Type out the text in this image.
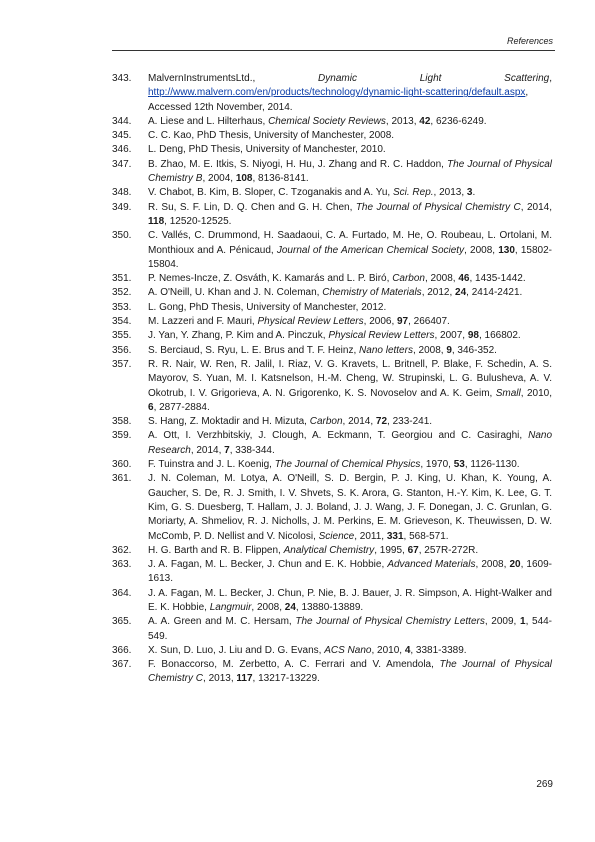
References
343.	MalvernInstrumentsLtd., Dynamic Light Scattering, http://www.malvern.com/en/products/technology/dynamic-light-scattering/default.aspx, Accessed 12th November, 2014.
344.	A. Liese and L. Hilterhaus, Chemical Society Reviews, 2013, 42, 6236-6249.
345.	C. C. Kao, PhD Thesis, University of Manchester, 2008.
346.	L. Deng, PhD Thesis, University of Manchester, 2010.
347.	B. Zhao, M. E. Itkis, S. Niyogi, H. Hu, J. Zhang and R. C. Haddon, The Journal of Physical Chemistry B, 2004, 108, 8136-8141.
348.	V. Chabot, B. Kim, B. Sloper, C. Tzoganakis and A. Yu, Sci. Rep., 2013, 3.
349.	R. Su, S. F. Lin, D. Q. Chen and G. H. Chen, The Journal of Physical Chemistry C, 2014, 118, 12520-12525.
350.	C. Vallés, C. Drummond, H. Saadaoui, C. A. Furtado, M. He, O. Roubeau, L. Ortolani, M. Monthioux and A. Pénicaud, Journal of the American Chemical Society, 2008, 130, 15802-15804.
351.	P. Nemes-Incze, Z. Osváth, K. Kamarás and L. P. Biró, Carbon, 2008, 46, 1435-1442.
352.	A. O'Neill, U. Khan and J. N. Coleman, Chemistry of Materials, 2012, 24, 2414-2421.
353.	L. Gong, PhD Thesis, University of Manchester, 2012.
354.	M. Lazzeri and F. Mauri, Physical Review Letters, 2006, 97, 266407.
355.	J. Yan, Y. Zhang, P. Kim and A. Pinczuk, Physical Review Letters, 2007, 98, 166802.
356.	S. Berciaud, S. Ryu, L. E. Brus and T. F. Heinz, Nano letters, 2008, 9, 346-352.
357.	R. R. Nair, W. Ren, R. Jalil, I. Riaz, V. G. Kravets, L. Britnell, P. Blake, F. Schedin, A. S. Mayorov, S. Yuan, M. I. Katsnelson, H.-M. Cheng, W. Strupinski, L. G. Bulusheva, A. V. Okotrub, I. V. Grigorieva, A. N. Grigorenko, K. S. Novoselov and A. K. Geim, Small, 2010, 6, 2877-2884.
358.	S. Hang, Z. Moktadir and H. Mizuta, Carbon, 2014, 72, 233-241.
359.	A. Ott, I. Verzhbitskiy, J. Clough, A. Eckmann, T. Georgiou and C. Casiraghi, Nano Research, 2014, 7, 338-344.
360.	F. Tuinstra and J. L. Koenig, The Journal of Chemical Physics, 1970, 53, 1126-1130.
361.	J. N. Coleman, M. Lotya, A. O'Neill, S. D. Bergin, P. J. King, U. Khan, K. Young, A. Gaucher, S. De, R. J. Smith, I. V. Shvets, S. K. Arora, G. Stanton, H.-Y. Kim, K. Lee, G. T. Kim, G. S. Duesberg, T. Hallam, J. J. Boland, J. J. Wang, J. F. Donegan, J. C. Grunlan, G. Moriarty, A. Shmeliov, R. J. Nicholls, J. M. Perkins, E. M. Grieveson, K. Theuwissen, D. W. McComb, P. D. Nellist and V. Nicolosi, Science, 2011, 331, 568-571.
362.	H. G. Barth and R. B. Flippen, Analytical Chemistry, 1995, 67, 257R-272R.
363.	J. A. Fagan, M. L. Becker, J. Chun and E. K. Hobbie, Advanced Materials, 2008, 20, 1609-1613.
364.	J. A. Fagan, M. L. Becker, J. Chun, P. Nie, B. J. Bauer, J. R. Simpson, A. Hight-Walker and E. K. Hobbie, Langmuir, 2008, 24, 13880-13889.
365.	A. A. Green and M. C. Hersam, The Journal of Physical Chemistry Letters, 2009, 1, 544-549.
366.	X. Sun, D. Luo, J. Liu and D. G. Evans, ACS Nano, 2010, 4, 3381-3389.
367.	F. Bonaccorso, M. Zerbetto, A. C. Ferrari and V. Amendola, The Journal of Physical Chemistry C, 2013, 117, 13217-13229.
269
